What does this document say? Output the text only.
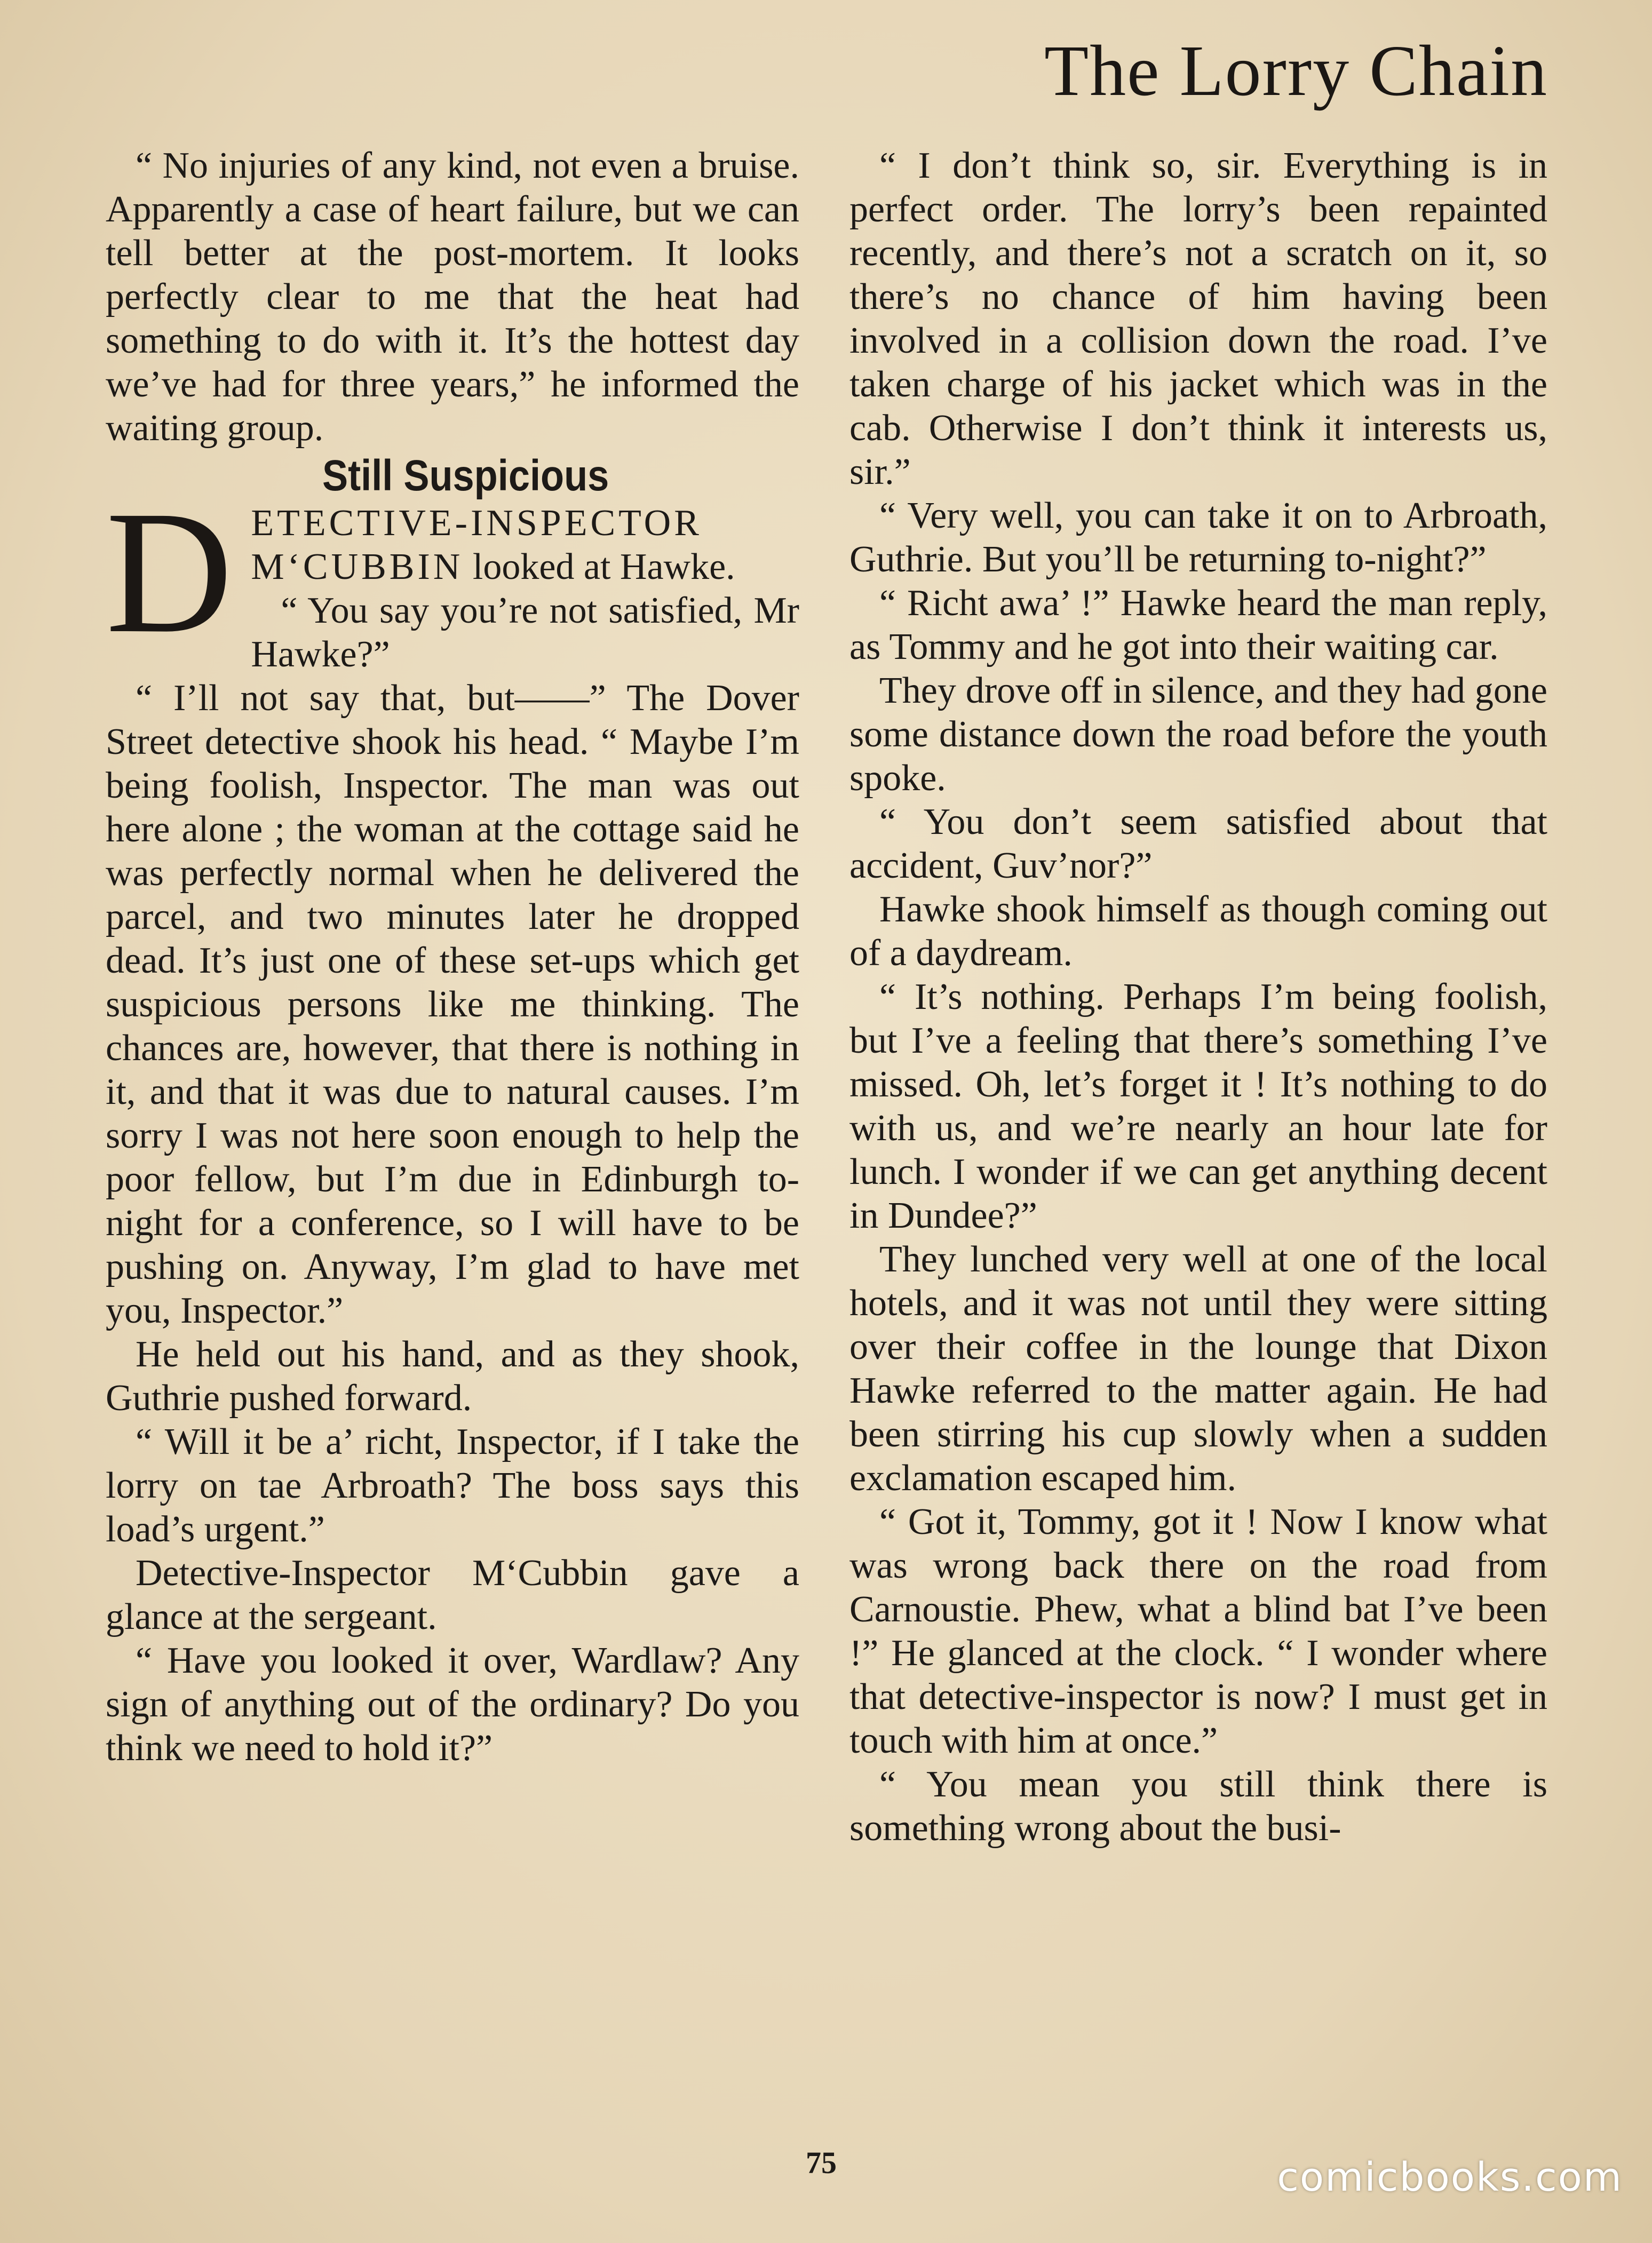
The Lorry Chain

“ No injuries of any kind, not even a bruise. Apparently a case of heart failure, but we can tell better at the post-mortem. It looks perfectly clear to me that the heat had something to do with it. It’s the hottest day we’ve had for three years,” he informed the waiting group.

Still Suspicious

DETECTIVE-INSPECTOR M‘CUBBIN looked at Hawke.

“ You say you’re not satisfied, Mr Hawke?”

“ I’ll not say that, but——” The Dover Street detective shook his head. “ Maybe I’m being foolish, Inspector. The man was out here alone ; the woman at the cottage said he was perfectly normal when he delivered the parcel, and two minutes later he dropped dead. It’s just one of these set-ups which get suspicious persons like me thinking. The chances are, however, that there is nothing in it, and that it was due to natural causes. I’m sorry I was not here soon enough to help the poor fellow, but I’m due in Edinburgh to-night for a conference, so I will have to be pushing on. Anyway, I’m glad to have met you, Inspector.”

He held out his hand, and as they shook, Guthrie pushed forward.

“ Will it be a’ richt, Inspector, if I take the lorry on tae Arbroath? The boss says this load’s urgent.”

Detective-Inspector M‘Cubbin gave a glance at the sergeant.

“ Have you looked it over, Wardlaw? Any sign of anything out of the ordinary? Do you think we need to hold it?”

“ I don’t think so, sir. Everything is in perfect order. The lorry’s been repainted recently, and there’s not a scratch on it, so there’s no chance of him having been involved in a collision down the road. I’ve taken charge of his jacket which was in the cab. Otherwise I don’t think it interests us, sir.”

“ Very well, you can take it on to Arbroath, Guthrie. But you’ll be returning to-night?”

“ Richt awa’ !” Hawke heard the man reply, as Tommy and he got into their waiting car.

They drove off in silence, and they had gone some distance down the road before the youth spoke.

“ You don’t seem satisfied about that accident, Guv’nor?”

Hawke shook himself as though coming out of a daydream.

“ It’s nothing. Perhaps I’m being foolish, but I’ve a feeling that there’s something I’ve missed. Oh, let’s forget it ! It’s nothing to do with us, and we’re nearly an hour late for lunch. I wonder if we can get anything decent in Dundee?”

They lunched very well at one of the local hotels, and it was not until they were sitting over their coffee in the lounge that Dixon Hawke referred to the matter again. He had been stirring his cup slowly when a sudden exclamation escaped him.

“ Got it, Tommy, got it ! Now I know what was wrong back there on the road from Carnoustie. Phew, what a blind bat I’ve been !” He glanced at the clock. “ I wonder where that detective-inspector is now? I must get in touch with him at once.”

“ You mean you still think there is something wrong about the busi-

75	comicbooks.com
